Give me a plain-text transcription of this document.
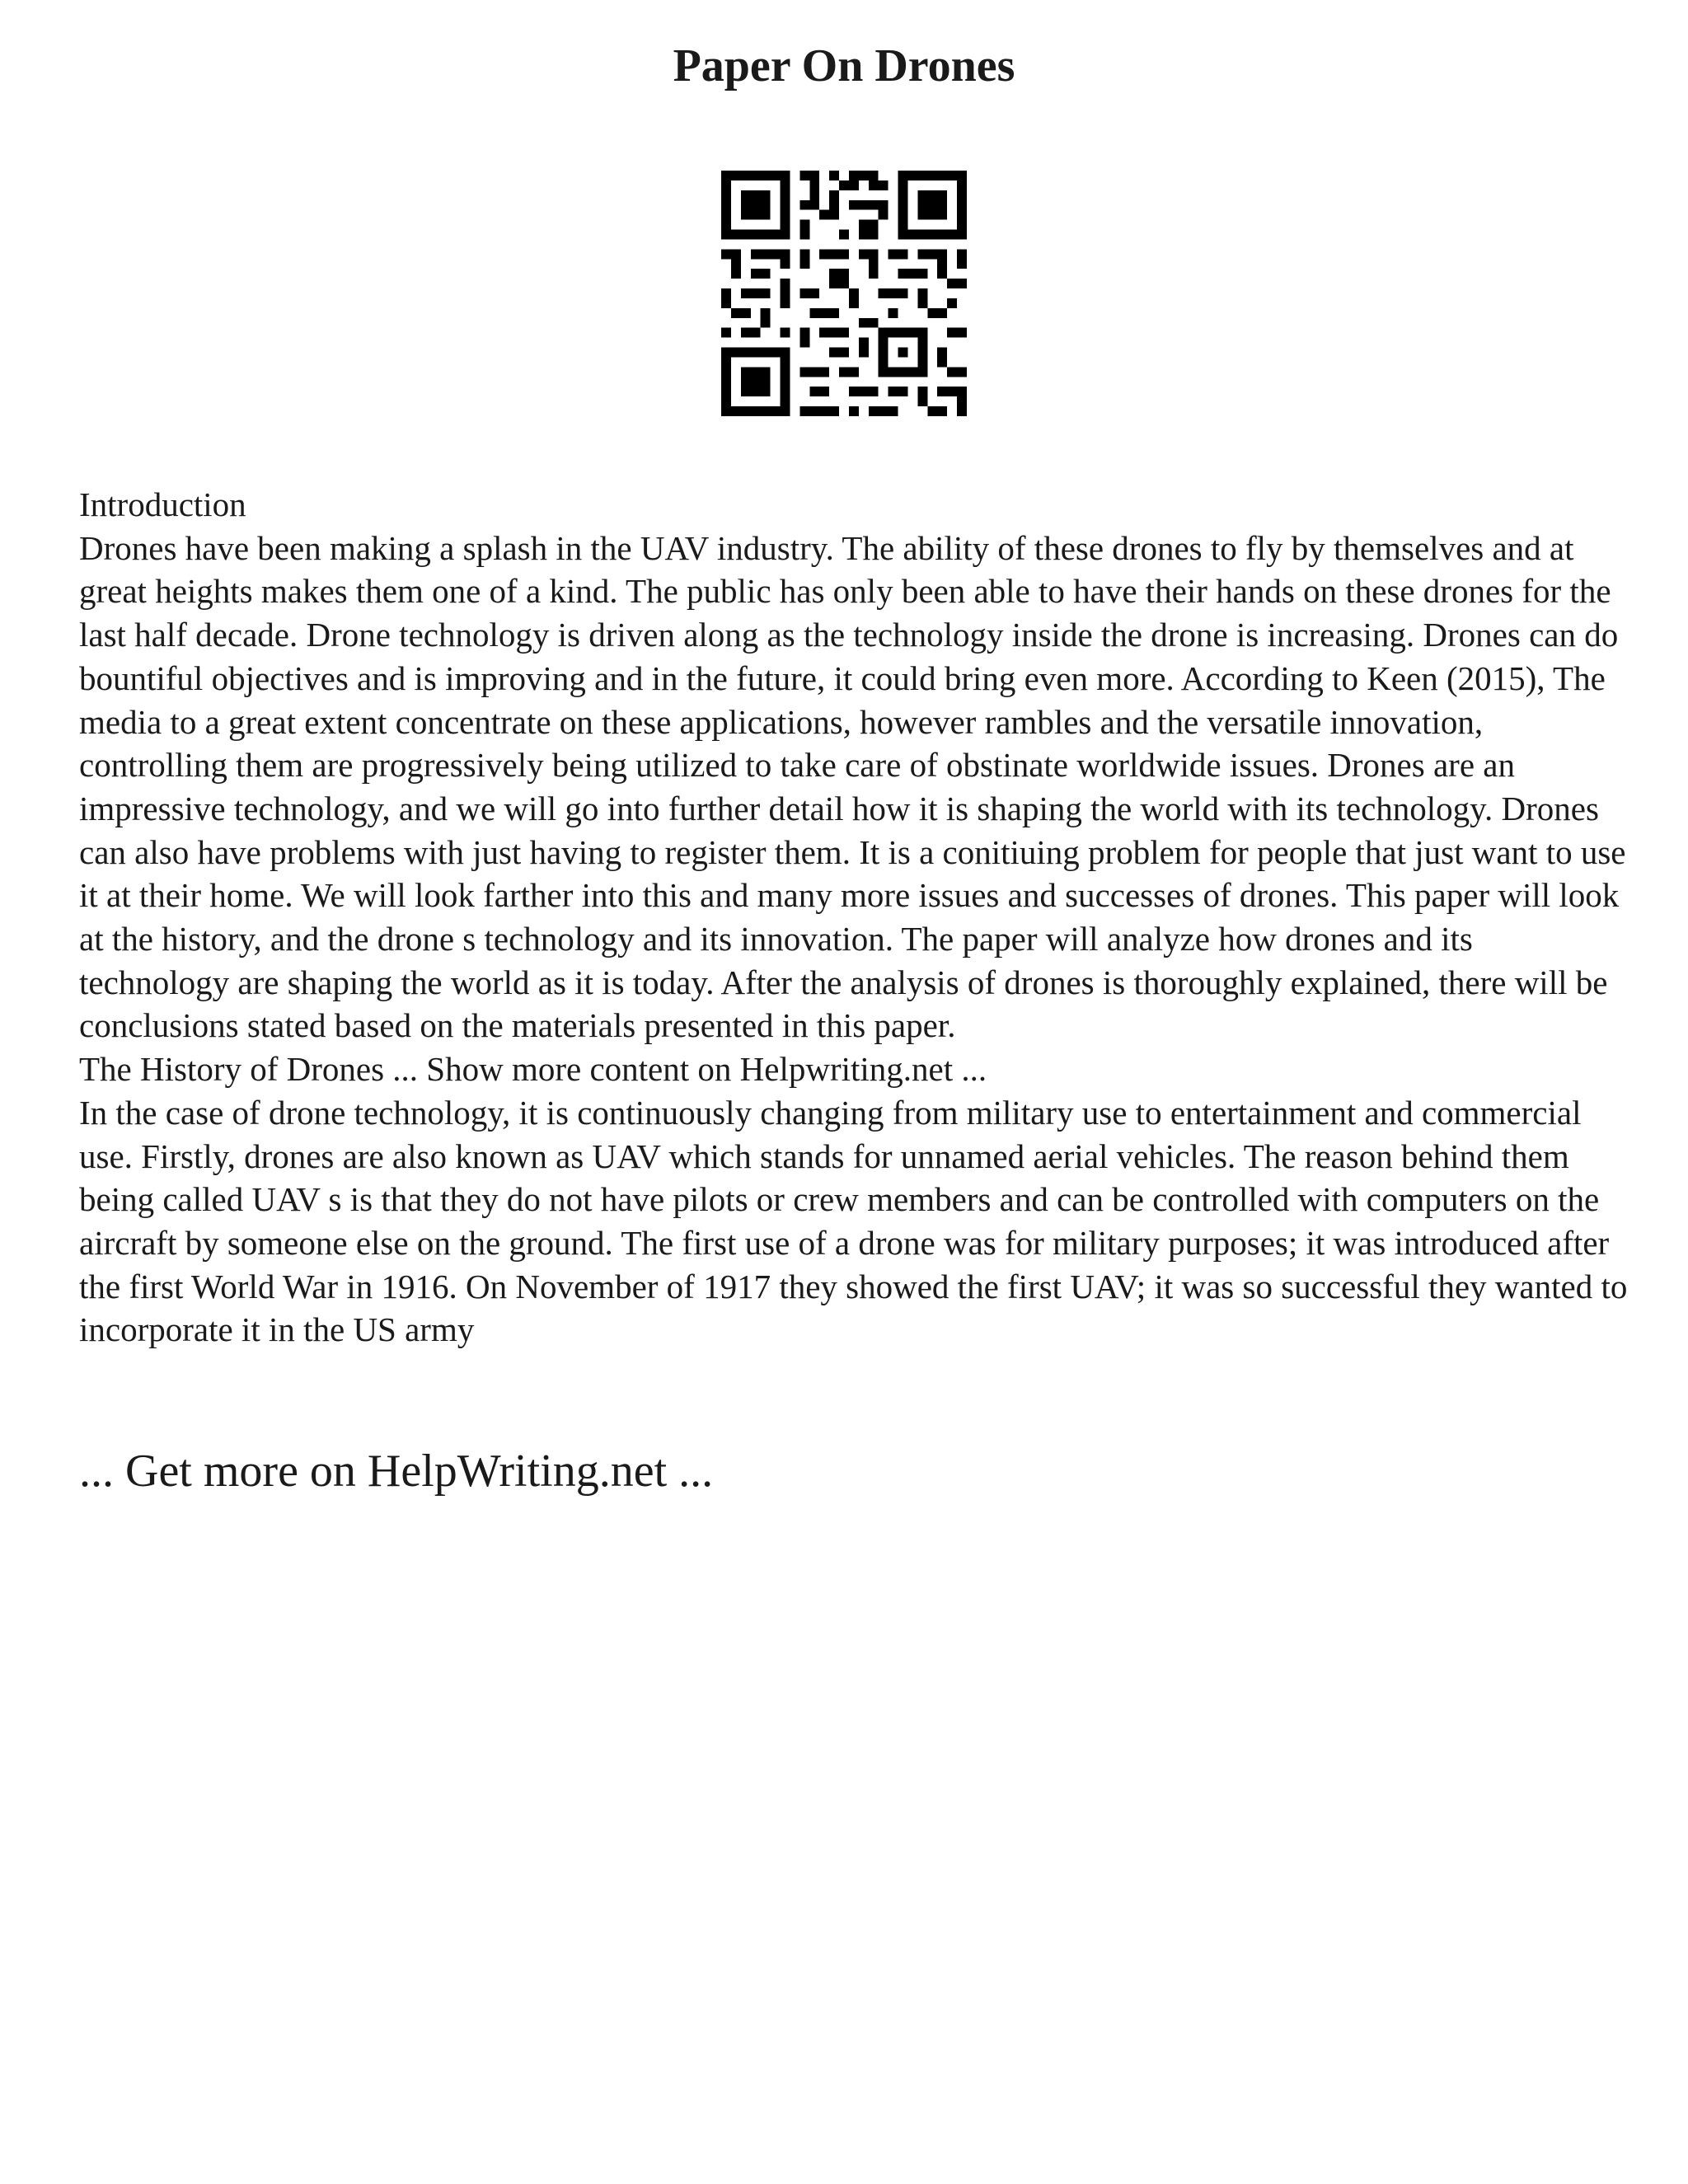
Paper On Drones

Introduction

Drones have been making a splash in the UAV industry. The ability of these drones to fly by themselves and at great heights makes them one of a kind. The public has only been able to have their hands on these drones for the last half decade. Drone technology is driven along as the technology inside the drone is increasing. Drones can do bountiful objectives and is improving and in the future, it could bring even more. According to Keen (2015), The media to a great extent concentrate on these applications, however rambles and the versatile innovation, controlling them are progressively being utilized to take care of obstinate worldwide issues. Drones are an impressive technology, and we will go into further detail how it is shaping the world with its technology. Drones can also have problems with just having to register them. It is a conitiuing problem for people that just want to use it at their home. We will look farther into this and many more issues and successes of drones. This paper will look at the history, and the drone s technology and its innovation. The paper will analyze how drones and its technology are shaping the world as it is today. After the analysis of drones is thoroughly explained, there will be conclusions stated based on the materials presented in this paper.

The History of Drones ... Show more content on Helpwriting.net ...

In the case of drone technology, it is continuously changing from military use to entertainment and commercial use. Firstly, drones are also known as UAV which stands for unnamed aerial vehicles. The reason behind them being called UAV s is that they do not have pilots or crew members and can be controlled with computers on the aircraft by someone else on the ground. The first use of a drone was for military purposes; it was introduced after the first World War in 1916. On November of 1917 they showed the first UAV; it was so successful they wanted to incorporate it in the US army

... Get more on HelpWriting.net ...
